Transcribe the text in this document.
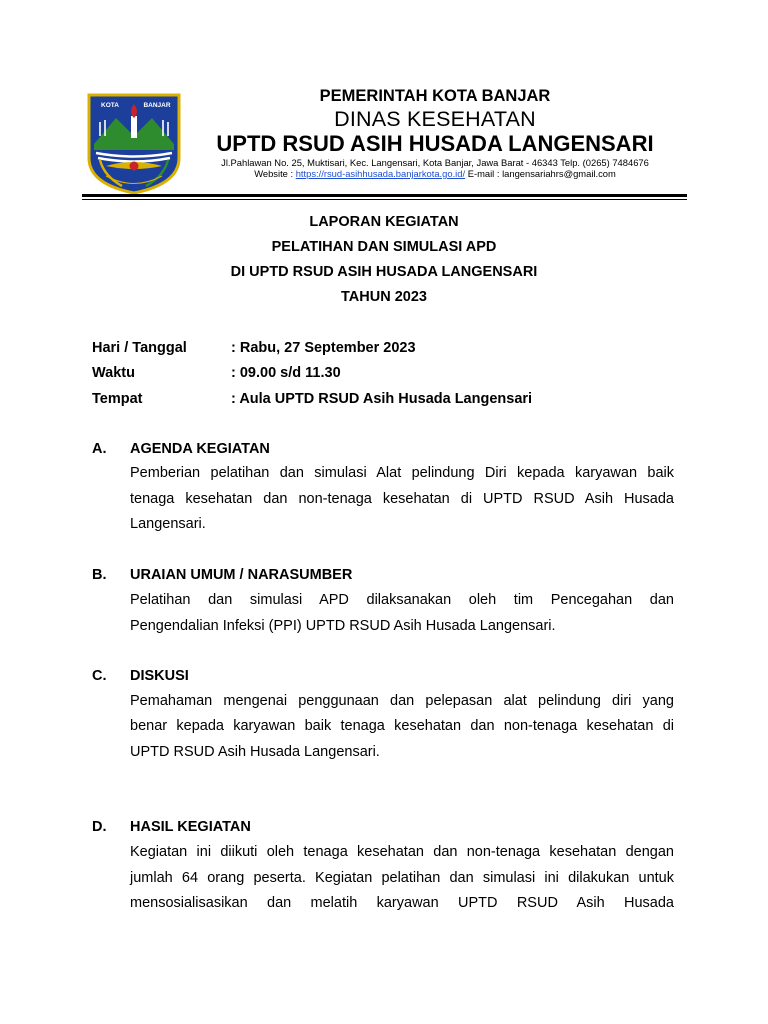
KOTA	BANJAR
PEMERINTAH KOTA BANJAR
DINAS KESEHATAN
UPTD RSUD ASIH HUSADA LANGENSARI
Jl.Pahlawan No. 25, Muktisari, Kec. Langensari, Kota Banjar, Jawa Barat - 46343 Telp. (0265) 7484676
Website : https://rsud-asihhusada.banjarkota.go.id/ E-mail : langensariahrs@gmail.com
LAPORAN KEGIATAN
PELATIHAN DAN SIMULASI APD
DI UPTD RSUD ASIH HUSADA LANGENSARI
TAHUN 2023
Hari / Tanggal	: Rabu, 27 September 2023
Waktu	: 09.00 s/d 11.30
Tempat	: Aula UPTD RSUD Asih Husada Langensari
A. AGENDA KEGIATAN
Pemberian pelatihan dan simulasi Alat pelindung Diri kepada karyawan baik
tenaga kesehatan dan non-tenaga kesehatan di UPTD RSUD Asih Husada
Langensari.
B. URAIAN UMUM / NARASUMBER
Pelatihan dan simulasi APD dilaksanakan oleh tim Pencegahan dan
Pengendalian Infeksi (PPI) UPTD RSUD Asih Husada Langensari.
C. DISKUSI
Pemahaman mengenai penggunaan dan pelepasan alat pelindung diri yang
benar kepada karyawan baik tenaga kesehatan dan non-tenaga kesehatan di
UPTD RSUD Asih Husada Langensari.
D. HASIL KEGIATAN
Kegiatan ini diikuti oleh tenaga kesehatan dan non-tenaga kesehatan dengan
jumlah 64 orang peserta. Kegiatan pelatihan dan simulasi ini dilakukan untuk
mensosialisasikan dan melatih karyawan UPTD RSUD Asih Husada
